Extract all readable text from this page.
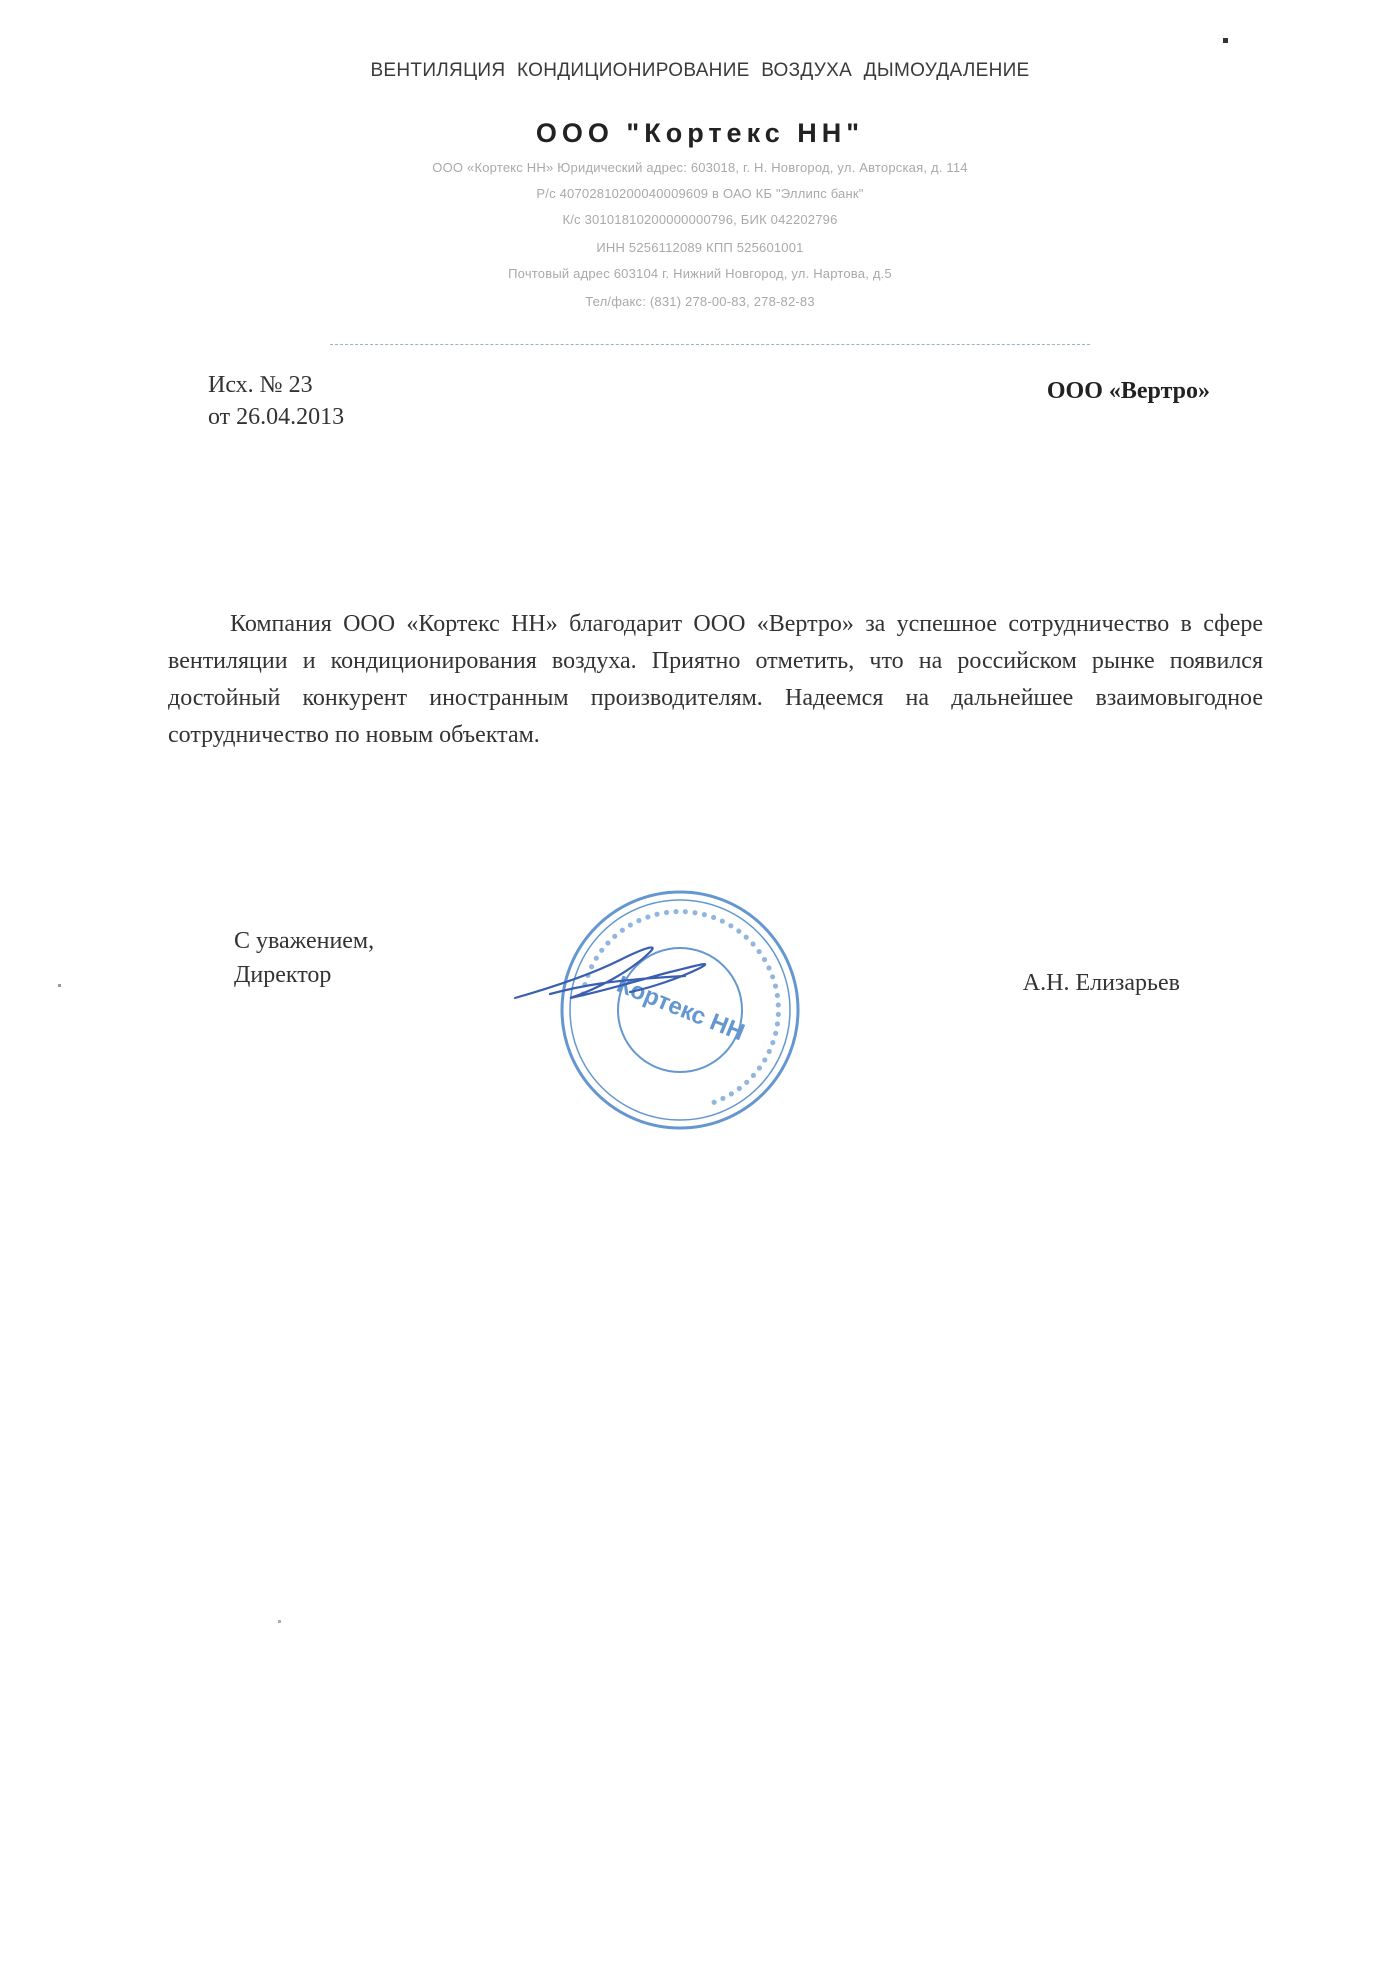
ВЕНТИЛЯЦИЯ КОНДИЦИОНИРОВАНИЕ ВОЗДУХА ДЫМОУДАЛЕНИЕ
ООО "Кортекс НН"
ООО «Кортекс НН» Юридический адрес: 603018, г. Н. Новгород, ул. Авторская, д. 114
Р/с 40702810200040009609 в ОАО КБ "Эллипс банк"
К/с 30101810200000000796, БИК 042202796
ИНН 5256112089 КПП 525601001
Почтовый адрес 603104 г. Нижний Новгород, ул. Нартова, д.5
Тел/факс: (831) 278-00-83, 278-82-83
Исх. № 23
от 26.04.2013
ООО «Вертро»

Компания ООО «Кортекс НН» благодарит ООО «Вертро» за успешное сотрудничество в сфере вентиляции и кондиционирования воздуха. Приятно отметить, что на российском рынке появился достойный конкурент иностранным производителям. Надеемся на дальнейшее взаимовыгодное сотрудничество по новым объектам.

С уважением,
Директор	А.Н. Елизарьев
●●●●●●●●●●●●●●●●●●●●●●●●●●●●●●●●●●●●●●●●●●●●
Кортекс НН
